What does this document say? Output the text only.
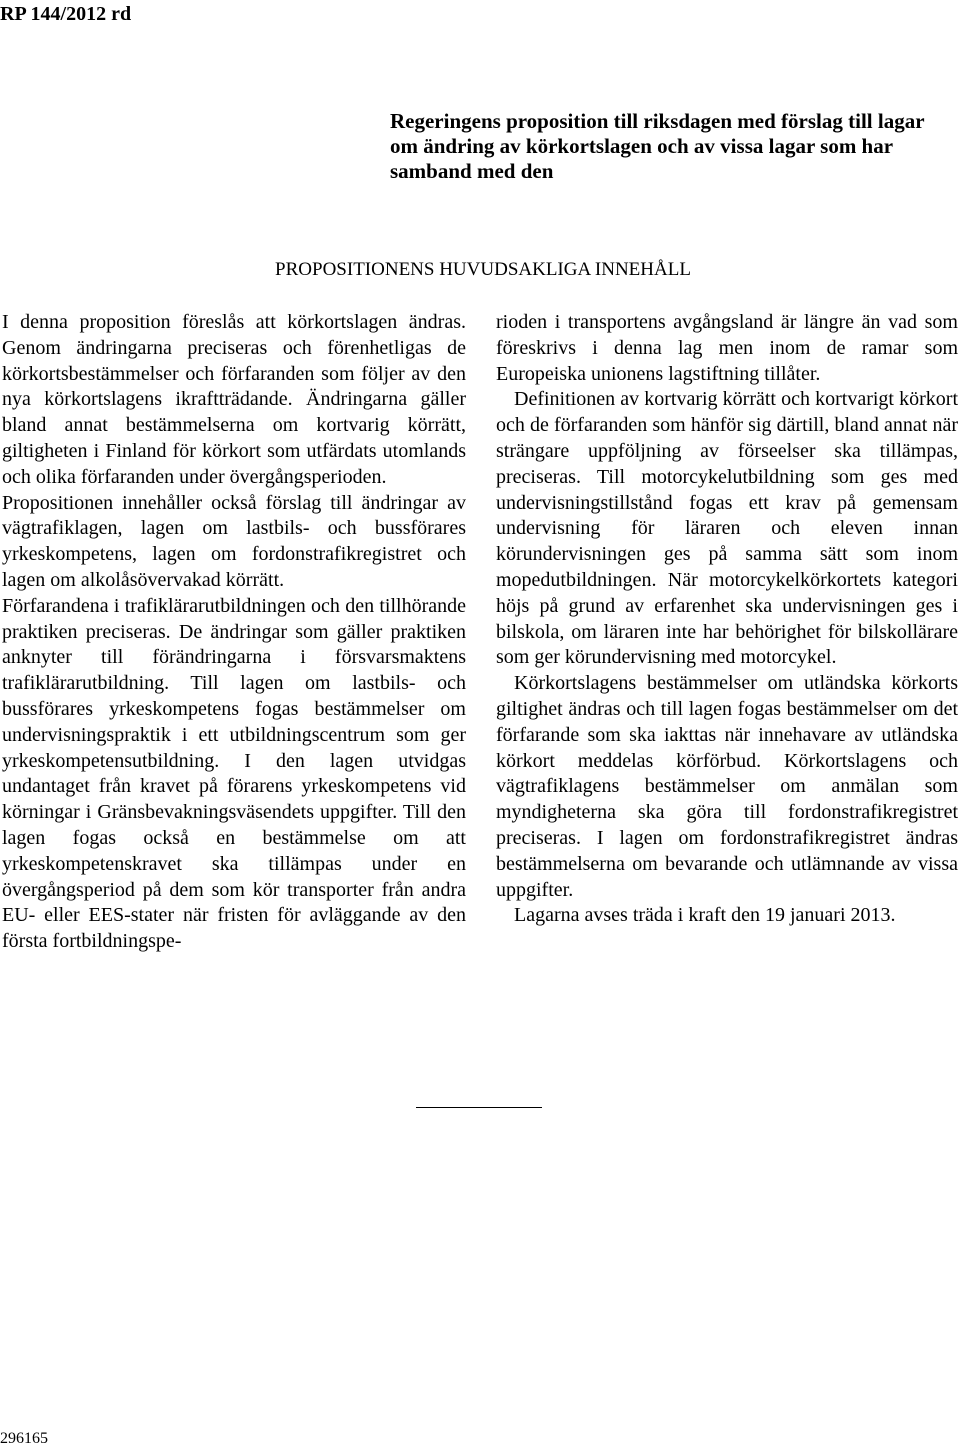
RP 144/2012 rd
Regeringens proposition till riksdagen med förslag till lagar om ändring av körkortslagen och av vissa lagar som har samband med den
PROPOSITIONENS HUVUDSAKLIGA INNEHÅLL

I denna proposition föreslås att körkortslagen ändras. Genom ändringarna preciseras och förenhetligas de körkortsbestämmelser och förfaranden som följer av den nya körkortslagens ikraftträdande. Ändringarna gäller bland annat bestämmelserna om kortvarig körrätt, giltigheten i Finland för körkort som utfärdats utomlands och olika förfaranden under övergångsperioden.

Propositionen innehåller också förslag till ändringar av vägtrafiklagen, lagen om lastbils- och bussförares yrkeskompetens, lagen om fordonstrafikregistret och lagen om alkolåsövervakad körrätt.

Förfarandena i trafiklärarutbildningen och den tillhörande praktiken preciseras. De ändringar som gäller praktiken anknyter till förändringarna i försvarsmaktens trafiklärarutbildning. Till lagen om lastbils- och bussförares yrkeskompetens fogas bestämmelser om undervisningspraktik i ett utbildningscentrum som ger yrkeskompetensutbildning. I den lagen utvidgas undantaget från kravet på förarens yrkeskompetens vid körningar i Gränsbevakningsväsendets uppgifter. Till den lagen fogas också en bestämmelse om att yrkeskompetenskravet ska tillämpas under en övergångsperiod på dem som kör transporter från andra EU- eller EES-stater när fristen för avläggande av den första fortbildningspe-

rioden i transportens avgångsland är längre än vad som föreskrivs i denna lag men inom de ramar som Europeiska unionens lagstiftning tillåter.

Definitionen av kortvarig körrätt och kortvarigt körkort och de förfaranden som hänför sig därtill, bland annat när strängare uppföljning av förseelser ska tillämpas, preciseras. Till motorcykelutbildning som ges med undervisningstillstånd fogas ett krav på gemensam undervisning för läraren och eleven innan körundervisningen ges på samma sätt som inom mopedutbildningen. När motorcykelkörkortets kategori höjs på grund av erfarenhet ska undervisningen ges i bilskola, om läraren inte har behörighet för bilskollärare som ger körundervisning med motorcykel.

Körkortslagens bestämmelser om utländska körkorts giltighet ändras och till lagen fogas bestämmelser om det förfarande som ska iakttas när innehavare av utländska körkort meddelas körförbud. Körkortslagens och vägtrafiklagens bestämmelser om anmälan som myndigheterna ska göra till fordonstrafikregistret preciseras. I lagen om fordonstrafikregistret ändras bestämmelserna om bevarande och utlämnande av vissa uppgifter.

Lagarna avses träda i kraft den 19 januari 2013.

296165
